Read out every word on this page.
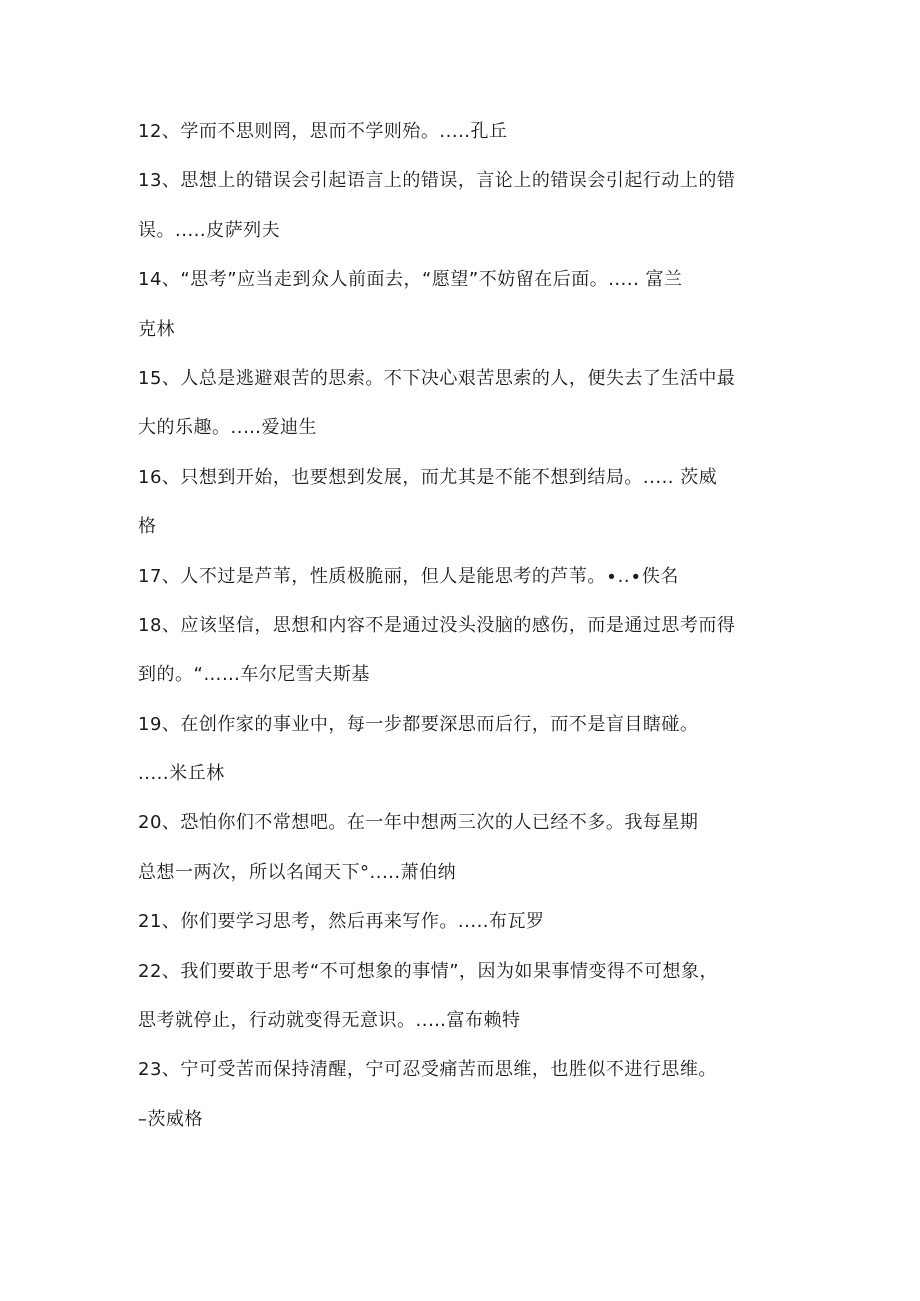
12、学而不思则罔，思而不学则殆。.....孔丘
13、思想上的错误会引起语言上的错误，言论上的错误会引起行动上的错
误。.....皮萨列夫
14、“思考”应当走到众人前面去，“愿望”不妨留在后面。..... 富兰
克林
15、人总是逃避艰苦的思索。不下决心艰苦思索的人，便失去了生活中最
大的乐趣。..…爱迪生
16、只想到开始，也要想到发展，而尤其是不能不想到结局。..... 茨威
格
17、人不过是芦苇，性质极脆丽，但人是能思考的芦苇。∙..∙佚名
18、应该坚信，思想和内容不是通过没头没脑的感伤，而是通过思考而得
到的。“……车尔尼雪夫斯基
19、在创作家的事业中，每一步都要深思而后行，而不是盲目瞎碰。
.....米丘林
20、恐怕你们不常想吧。在一年中想两三次的人已经不多。我每星期
总想一两次，所以名闻天下°.....萧伯纳
21、你们要学习思考，然后再来写作。.....布瓦罗
22、我们要敢于思考“不可想象的事情”，因为如果事情变得不可想象，
思考就停止，行动就变得无意识。..…富布赖特
23、宁可受苦而保持清醒，宁可忍受痛苦而思维，也胜似不进行思维。
–茨威格
